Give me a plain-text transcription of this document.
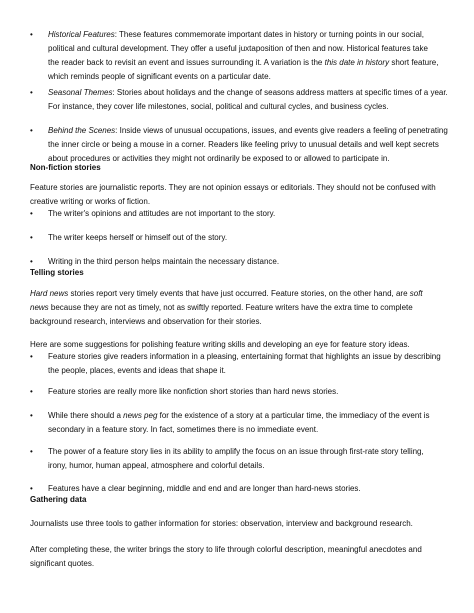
•	Historical Features: These features commemorate important dates in history or turning points in our social,
political and cultural development. They offer a useful juxtaposition of then and now. Historical features take
the reader back to revisit an event and issues surrounding it. A variation is the this date in history short feature,
which reminds people of significant events on a particular date.
•	Seasonal Themes: Stories about holidays and the change of seasons address matters at specific times of a year.
For instance, they cover life milestones, social, political and cultural cycles, and business cycles.
•	Behind the Scenes: Inside views of unusual occupations, issues, and events give readers a feeling of penetrating
the inner circle or being a mouse in a corner. Readers like feeling privy to unusual details and well kept secrets
about procedures or activities they might not ordinarily be exposed to or allowed to participate in.
Non-fiction stories
Feature stories are journalistic reports. They are not opinion essays or editorials. They should not be confused with
creative writing or works of fiction.
•	The writer's opinions and attitudes are not important to the story.
•	The writer keeps herself or himself out of the story.
•	Writing in the third person helps maintain the necessary distance.
Telling stories
Hard news stories report very timely events that have just occurred. Feature stories, on the other hand, are soft
news because they are not as timely, not as swiftly reported. Feature writers have the extra time to complete
background research, interviews and observation for their stories.
Here are some suggestions for polishing feature writing skills and developing an eye for feature story ideas.
•	Feature stories give readers information in a pleasing, entertaining format that highlights an issue by describing
the people, places, events and ideas that shape it.
•	Feature stories are really more like nonfiction short stories than hard news stories.
•	While there should a news peg for the existence of a story at a particular time, the immediacy of the event is
secondary in a feature story. In fact, sometimes there is no immediate event.
•	The power of a feature story lies in its ability to amplify the focus on an issue through first-rate story telling,
irony, humor, human appeal, atmosphere and colorful details.
•	Features have a clear beginning, middle and end and are longer than hard-news stories.
Gathering data
Journalists use three tools to gather information for stories: observation, interview and background research.
After completing these, the writer brings the story to life through colorful description, meaningful anecdotes and
significant quotes.
